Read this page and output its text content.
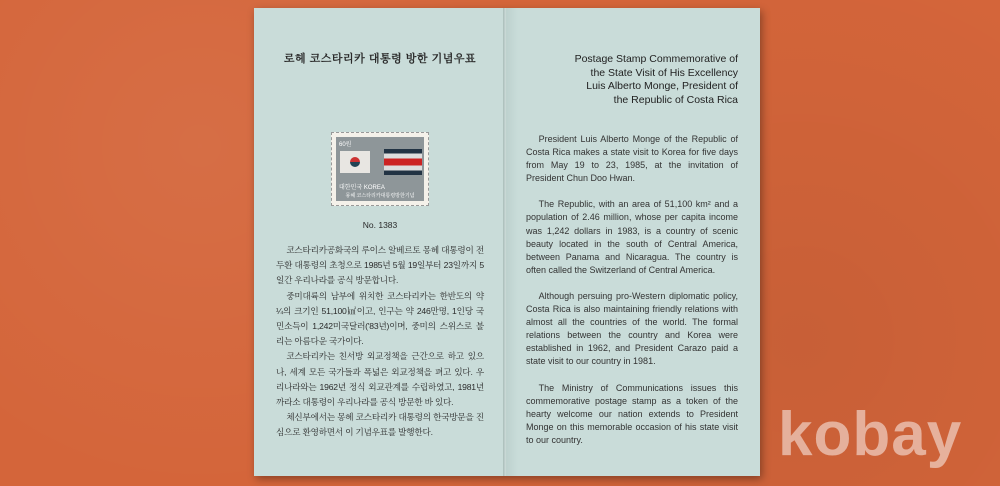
로헤 코스타리카 대통령 방한 기념우표
60원
대한민국 KOREA
몽헤 코스타리카대통령방한기념
No. 1383

코스타리카공화국의 루이스 알베르토 몽헤 대통령이 전두환 대통령의 초청으로 1985년 5월 19일부터 23일까지 5일간 우리나라를 공식 방문합니다.

중미대륙의 남부에 위치한 코스타리카는 한반도의 약 ¼의 크기인 51,100㎢이고, 인구는 약 246만명, 1인당 국민소득이 1,242미국달러('83년)이며, 중미의 스위스로 불리는 아름다운 국가이다.

코스타리카는 친서방 외교정책을 근간으로 하고 있으나, 세계 모든 국가들과 폭넓은 외교정책을 펴고 있다. 우리나라와는 1962년 정식 외교관계를 수립하였고, 1981년 까라소 대통령이 우리나라를 공식 방문한 바 있다.

체신부에서는 몽헤 코스타리카 대통령의 한국방문을 진심으로 환영하면서 이 기념우표를 발행한다.

Postage Stamp Commemorative of
the State Visit of His Excellency
Luis Alberto Monge, President of
the Republic of Costa Rica

President Luis Alberto Monge of the Republic of Costa Rica makes a state visit to Korea for five days from May 19 to 23, 1985, at the invitation of President Chun Doo Hwan.

The Republic, with an area of 51,100 km² and a population of 2.46 million, whose per capita income was 1,242 dollars in 1983, is a country of scenic beauty located in the south of Central America, between Panama and Nicaragua. The country is often called the Switzerland of Central America.

Although persuing pro-Western diplomatic policy, Costa Rica is also maintaining friendly relations with almost all the countries of the world. The formal relations between the country and Korea were established in 1962, and President Carazo paid a state visit to our country in 1981.

The Ministry of Communications issues this commemorative postage stamp as a token of the hearty welcome our nation extends to President Monge on this memorable occasion of his state visit to our country.	kobay
